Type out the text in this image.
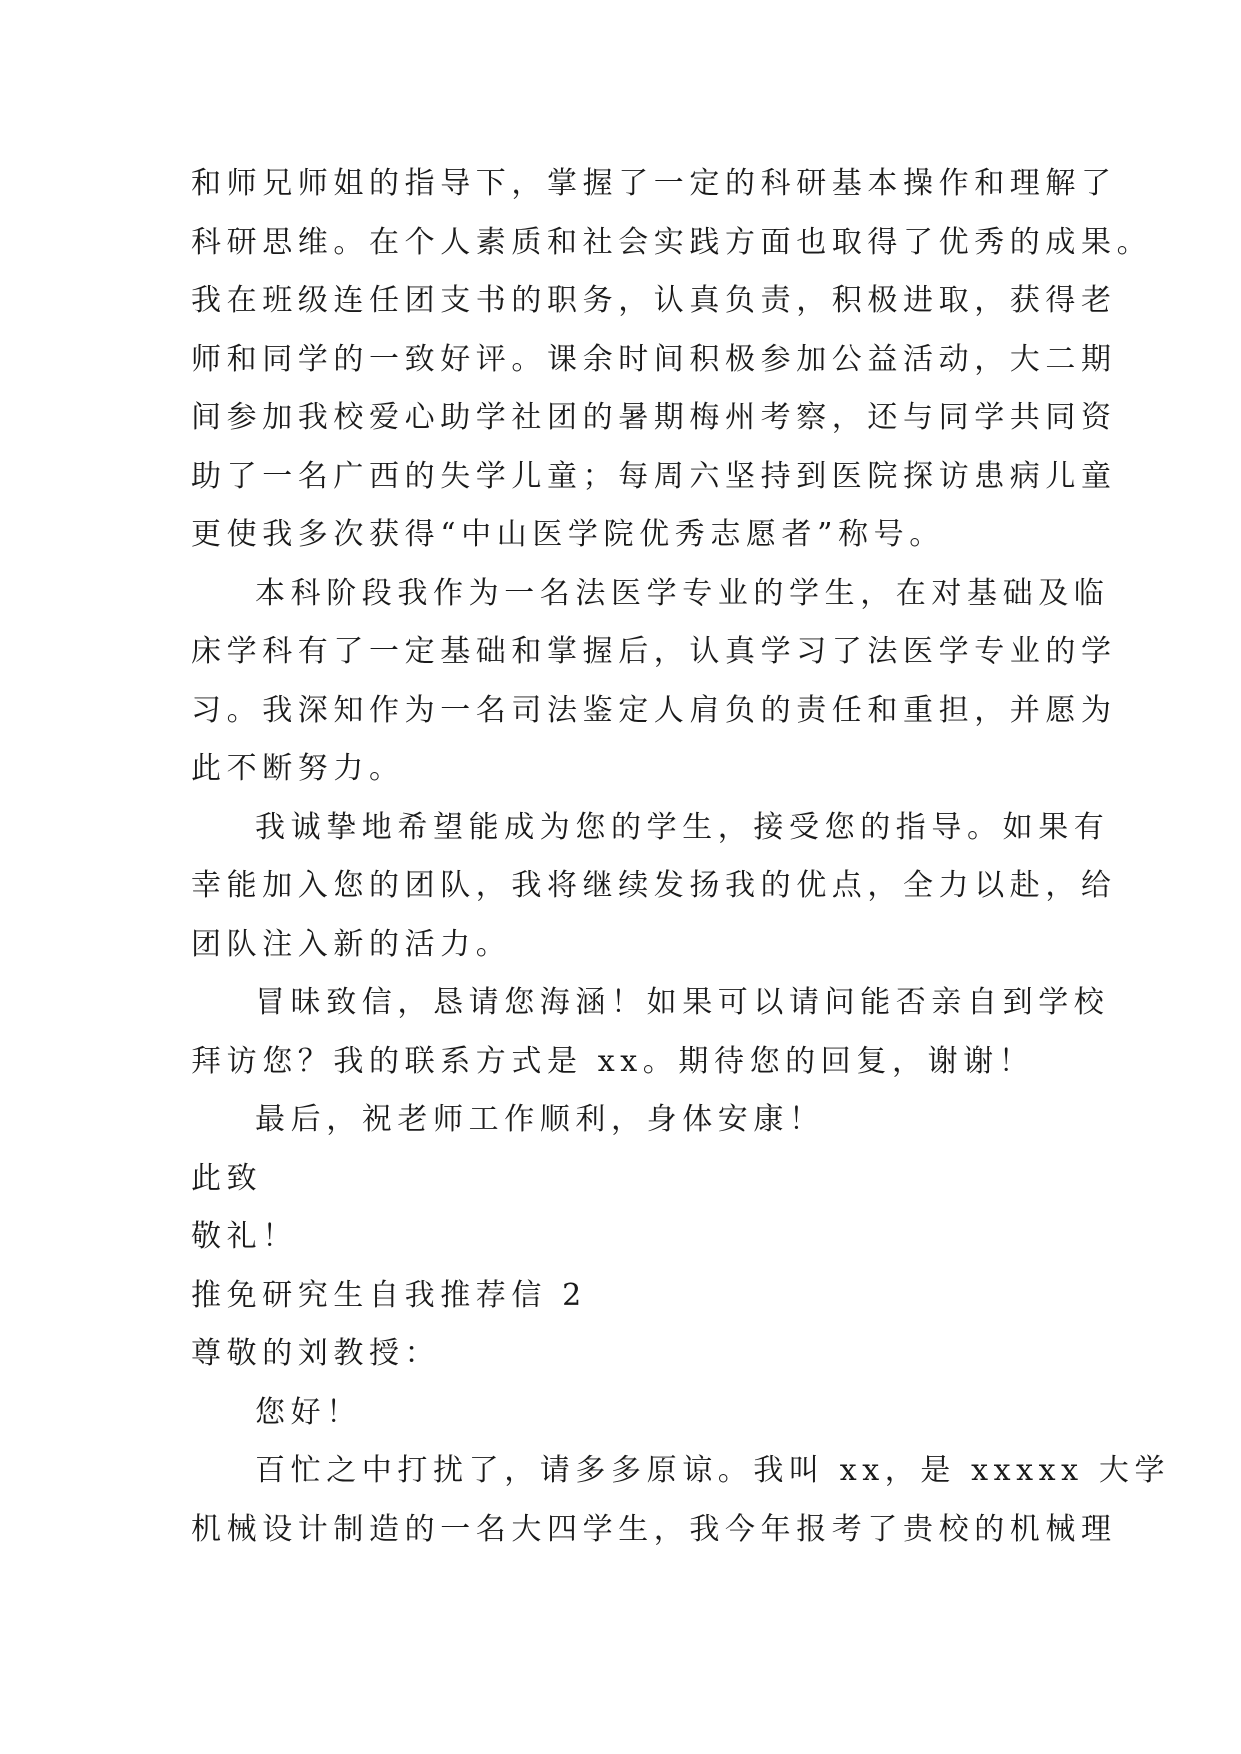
和师兄师姐的指导下，掌握了一定的科研基本操作和理解了
科研思维。在个人素质和社会实践方面也取得了优秀的成果。
我在班级连任团支书的职务，认真负责，积极进取，获得老
师和同学的一致好评。课余时间积极参加公益活动，大二期
间参加我校爱心助学社团的暑期梅州考察，还与同学共同资
助了一名广西的失学儿童；每周六坚持到医院探访患病儿童
更使我多次获得“中山医学院优秀志愿者”称号。
本科阶段我作为一名法医学专业的学生，在对基础及临
床学科有了一定基础和掌握后，认真学习了法医学专业的学
习。我深知作为一名司法鉴定人肩负的责任和重担，并愿为
此不断努力。
我诚挚地希望能成为您的学生，接受您的指导。如果有
幸能加入您的团队，我将继续发扬我的优点，全力以赴，给
团队注入新的活力。
冒昧致信，恳请您海涵！如果可以请问能否亲自到学校
拜访您？我的联系方式是 xx。期待您的回复，谢谢！
最后，祝老师工作顺利，身体安康！
此致
敬礼！
推免研究生自我推荐信 2
尊敬的刘教授：
您好！
百忙之中打扰了，请多多原谅。我叫 xx，是 xxxxx 大学
机械设计制造的一名大四学生，我今年报考了贵校的机械理
